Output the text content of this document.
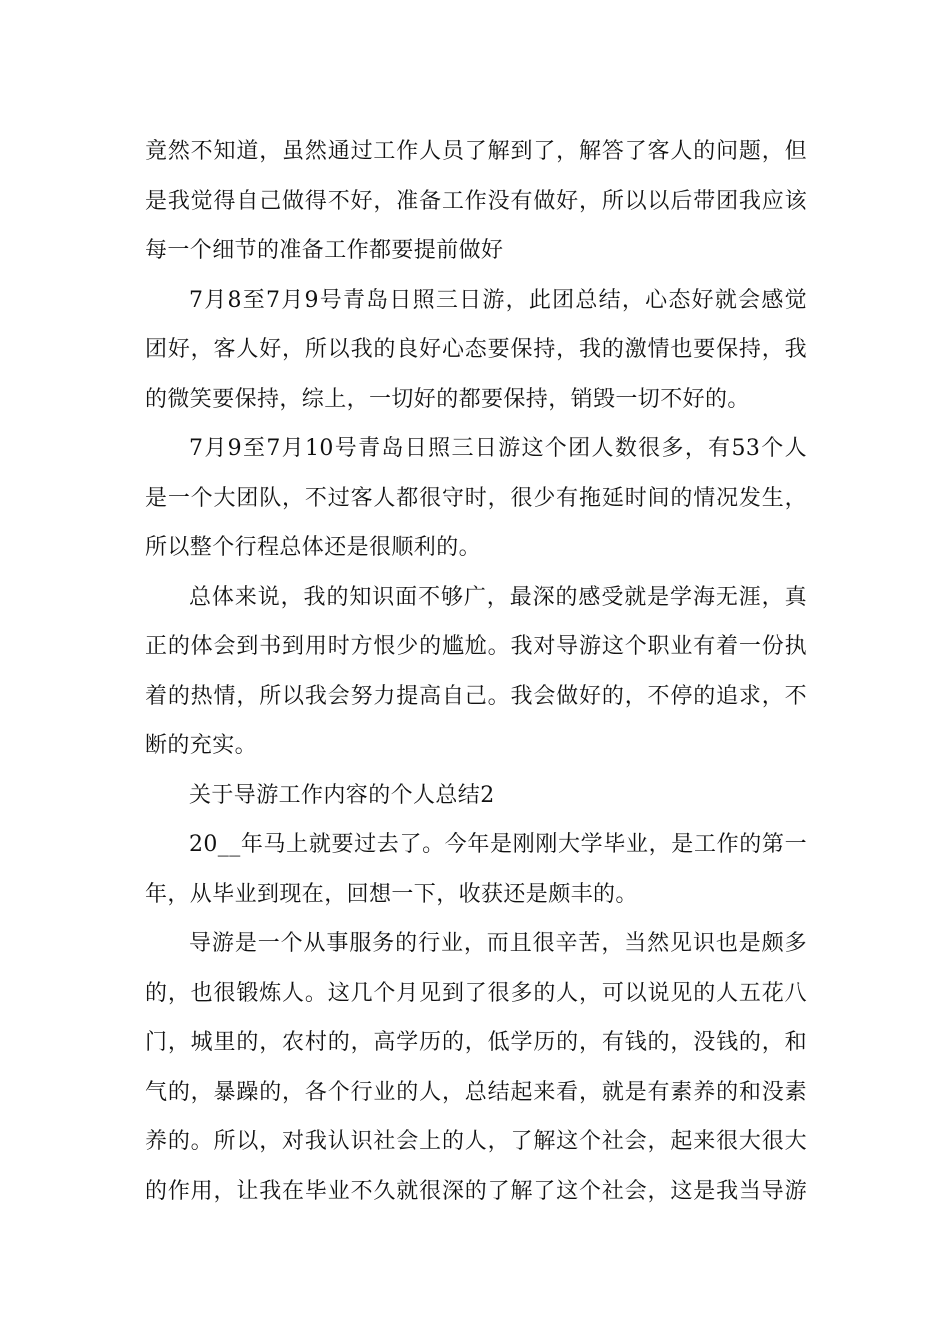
竟然不知道，虽然通过工作人员了解到了，解答了客人的问题，但
是我觉得自己做得不好，准备工作没有做好，所以以后带团我应该
每一个细节的准备工作都要提前做好

7月8至7月9号青岛日照三日游，此团总结，心态好就会感觉
团好，客人好，所以我的良好心态要保持，我的激情也要保持，我
的微笑要保持，综上，一切好的都要保持，销毁一切不好的。

7月9至7月10号青岛日照三日游这个团人数很多，有53个人
是一个大团队，不过客人都很守时，很少有拖延时间的情况发生，
所以整个行程总体还是很顺利的。

总体来说，我的知识面不够广，最深的感受就是学海无涯，真
正的体会到书到用时方恨少的尴尬。我对导游这个职业有着一份执
着的热情，所以我会努力提高自己。我会做好的，不停的追求，不
断的充实。

关于导游工作内容的个人总结2

20__年马上就要过去了。今年是刚刚大学毕业，是工作的第一
年，从毕业到现在，回想一下，收获还是颇丰的。

导游是一个从事服务的行业，而且很辛苦，当然见识也是颇多
的，也很锻炼人。这几个月见到了很多的人，可以说见的人五花八
门，城里的，农村的，高学历的，低学历的，有钱的，没钱的，和
气的，暴躁的，各个行业的人，总结起来看，就是有素养的和没素
养的。所以，对我认识社会上的人，了解这个社会，起来很大很大
的作用，让我在毕业不久就很深的了解了这个社会，这是我当导游
